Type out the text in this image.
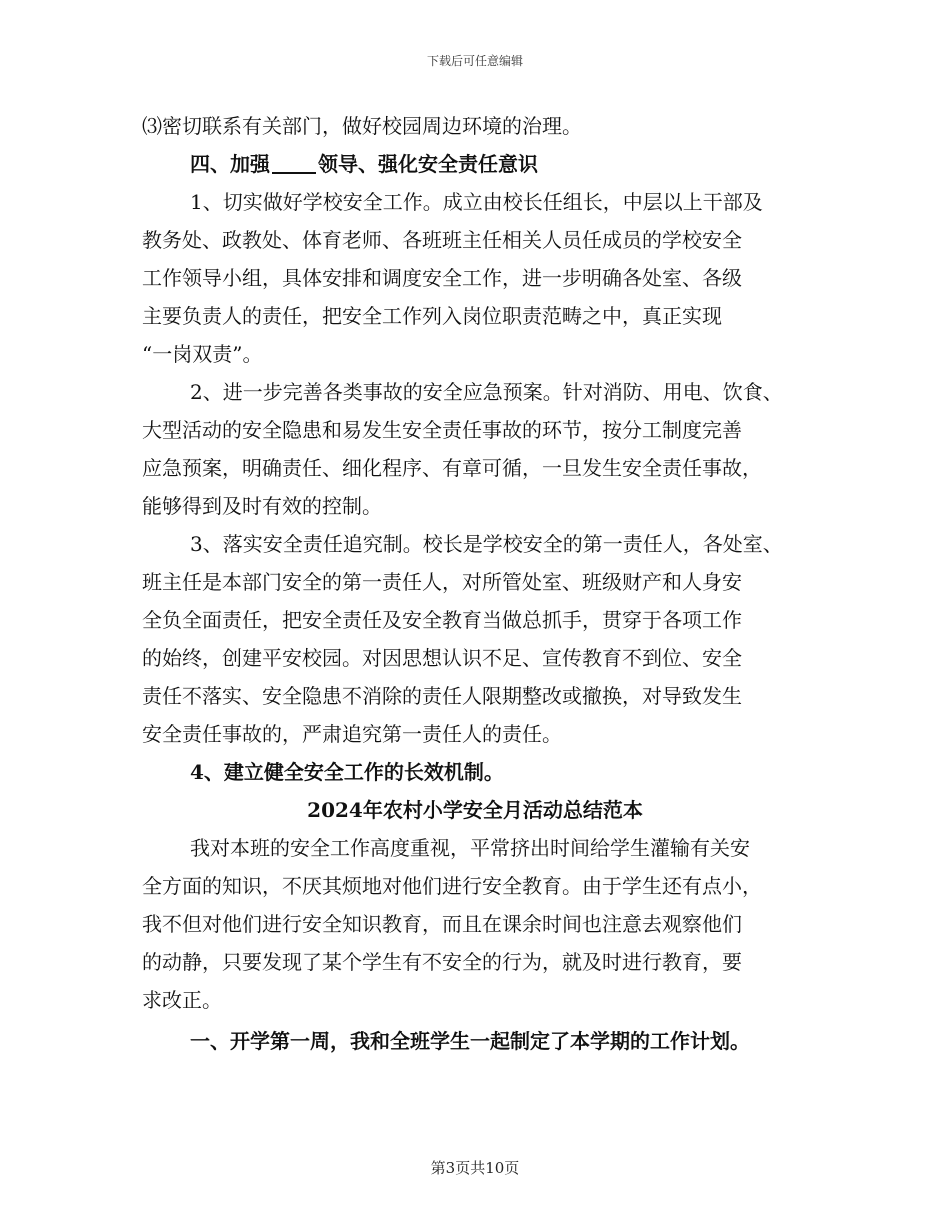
下载后可任意编辑
⑶密切联系有关部门，做好校园周边环境的治理。
四、加强 领导、强化安全责任意识
1、切实做好学校安全工作。成立由校长任组长，中层以上干部及
教务处、政教处、体育老师、各班班主任相关人员任成员的学校安全
工作领导小组，具体安排和调度安全工作，进一步明确各处室、各级
主要负责人的责任，把安全工作列入岗位职责范畴之中，真正实现
“一岗双责”。
2、进一步完善各类事故的安全应急预案。针对消防、用电、饮食、
大型活动的安全隐患和易发生安全责任事故的环节，按分工制度完善
应急预案，明确责任、细化程序、有章可循，一旦发生安全责任事故，
能够得到及时有效的控制。
3、落实安全责任追究制。校长是学校安全的第一责任人，各处室、
班主任是本部门安全的第一责任人，对所管处室、班级财产和人身安
全负全面责任，把安全责任及安全教育当做总抓手，贯穿于各项工作
的始终，创建平安校园。对因思想认识不足、宣传教育不到位、安全
责任不落实、安全隐患不消除的责任人限期整改或撤换，对导致发生
安全责任事故的，严肃追究第一责任人的责任。
4、建立健全安全工作的长效机制。
2024年农村小学安全月活动总结范本
我对本班的安全工作高度重视，平常挤出时间给学生灌输有关安
全方面的知识，不厌其烦地对他们进行安全教育。由于学生还有点小，
我不但对他们进行安全知识教育，而且在课余时间也注意去观察他们
的动静，只要发现了某个学生有不安全的行为，就及时进行教育，要
求改正。
一、开学第一周，我和全班学生一起制定了本学期的工作计划。
第3页共10页
